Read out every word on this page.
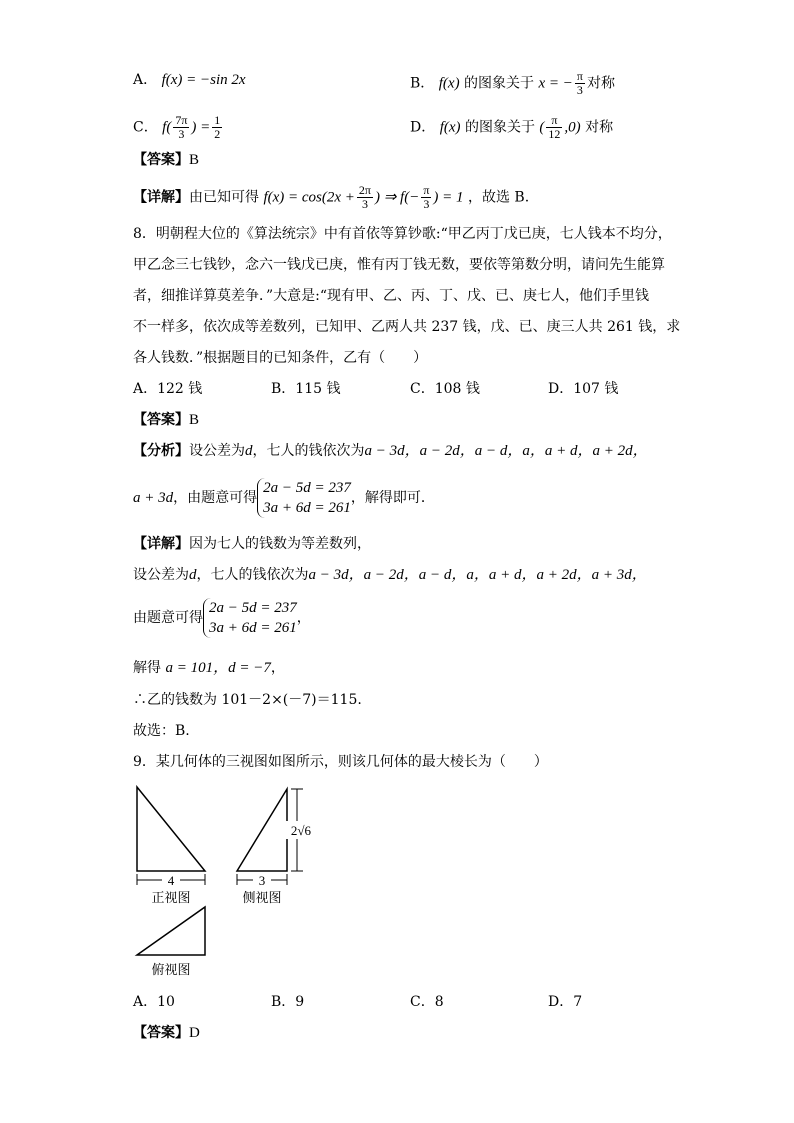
A． f(x) = −sin 2x	B． f(x) 的图象关于 x = − $\frac{\pi}{3}$ 对称
C． $f( \frac{7\pi}{3}$ ) = $\frac{1}{2}$	D． f(x) 的图象关于 ( $\frac{\pi}{12} ,0$) 对称
【答案】B
【详解】由已知可得 $f(x) = \cos(2x + \frac{2\pi}{3}$ ) ⇒ $f(- \frac{\pi}{3}$ ) = 1 ，故选 B.
8．明朝程大位的《算法统宗》中有首依等算钞歌:“甲乙丙丁戊已庚，七人钱本不均分，
甲乙念三七钱钞，念六一钱戊已庚，惟有丙丁钱无数，要依等第数分明，请问先生能算
者，细推详算莫差争．”大意是:“现有甲、乙、丙、丁、戊、已、庚七人，他们手里钱
不一样多，依次成等差数列，已知甲、乙两人共 237 钱，戊、已、庚三人共 261 钱，求
各人钱数．”根据题目的已知条件，乙有（　　）
A．122 钱	B．115 钱	C．108 钱	D．107 钱
【答案】B
【分析】设公差为d，七人的钱依次为a − 3d，a − 2d，a − d，a，a + d，a + 2d，
a + 3d，由题意可得
2a − 5d = 237
3a + 6d = 261
，解得即可．
【详解】因为七人的钱数为等差数列，
设公差为d，七人的钱依次为a − 3d，a − 2d，a − d，a，a + d，a + 2d，a + 3d，
由题意可得
2a − 5d = 237
3a + 6d = 261
，
解得 a = 101，d = −7，
∴乙的钱数为 101－2×(－7)＝115.
故选：B.
9．某几何体的三视图如图所示，则该几何体的最大棱长为（　　）
4
正视图
3
侧视图
2√6
俯视图
A．10	B．9	C．8	D．7
【答案】D
